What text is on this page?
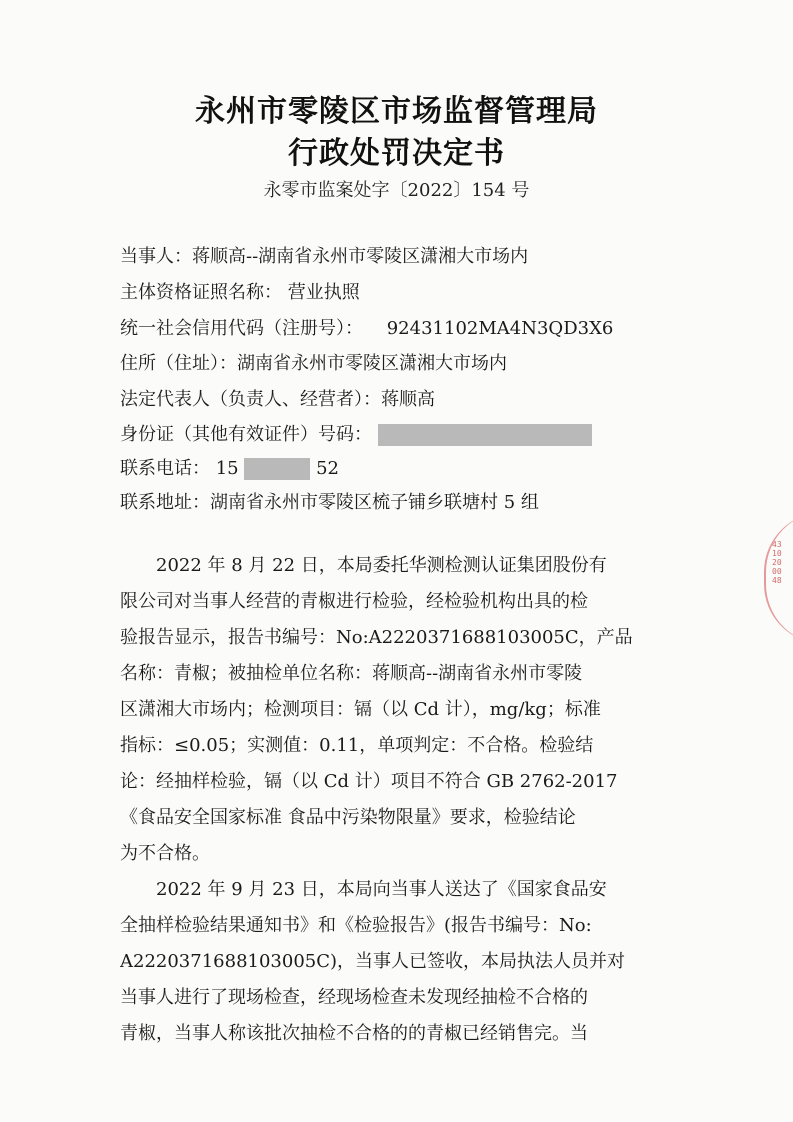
永州市零陵区市场监督管理局
行政处罚决定书
永零市监案处字〔2022〕154 号
当事人：蒋顺高--湖南省永州市零陵区潇湘大市场内
主体资格证照名称： 营业执照
统一社会信用代码（注册号）： 92431102MA4N3QD3X6
住所（住址）：湖南省永州市零陵区潇湘大市场内
法定代表人（负责人、经营者）：蒋顺高
身份证（其他有效证件）号码：
联系电话： 15	52
联系地址：湖南省永州市零陵区梳子铺乡联塘村 5 组
2022 年 8 月 22 日，本局委托华测检测认证集团股份有
限公司对当事人经营的青椒进行检验，经检验机构出具的检
验报告显示，报告书编号：No:A2220371688103005C，产品
名称：青椒；被抽检单位名称：蒋顺高--湖南省永州市零陵
区潇湘大市场内；检测项目：镉（以 Cd 计），mg/kg；标准
指标：≤0.05；实测值：0.11，单项判定：不合格。检验结
论：经抽样检验，镉（以 Cd 计）项目不符合 GB 2762-2017
《食品安全国家标准 食品中污染物限量》要求，检验结论
为不合格。
2022 年 9 月 23 日，本局向当事人送达了《国家食品安
全抽样检验结果通知书》和《检验报告》(报告书编号：No:
A2220371688103005C)，当事人已签收，本局执法人员并对
当事人进行了现场检查，经现场检查未发现经抽检不合格的
青椒，当事人称该批次抽检不合格的的青椒已经销售完。当
4310200048
